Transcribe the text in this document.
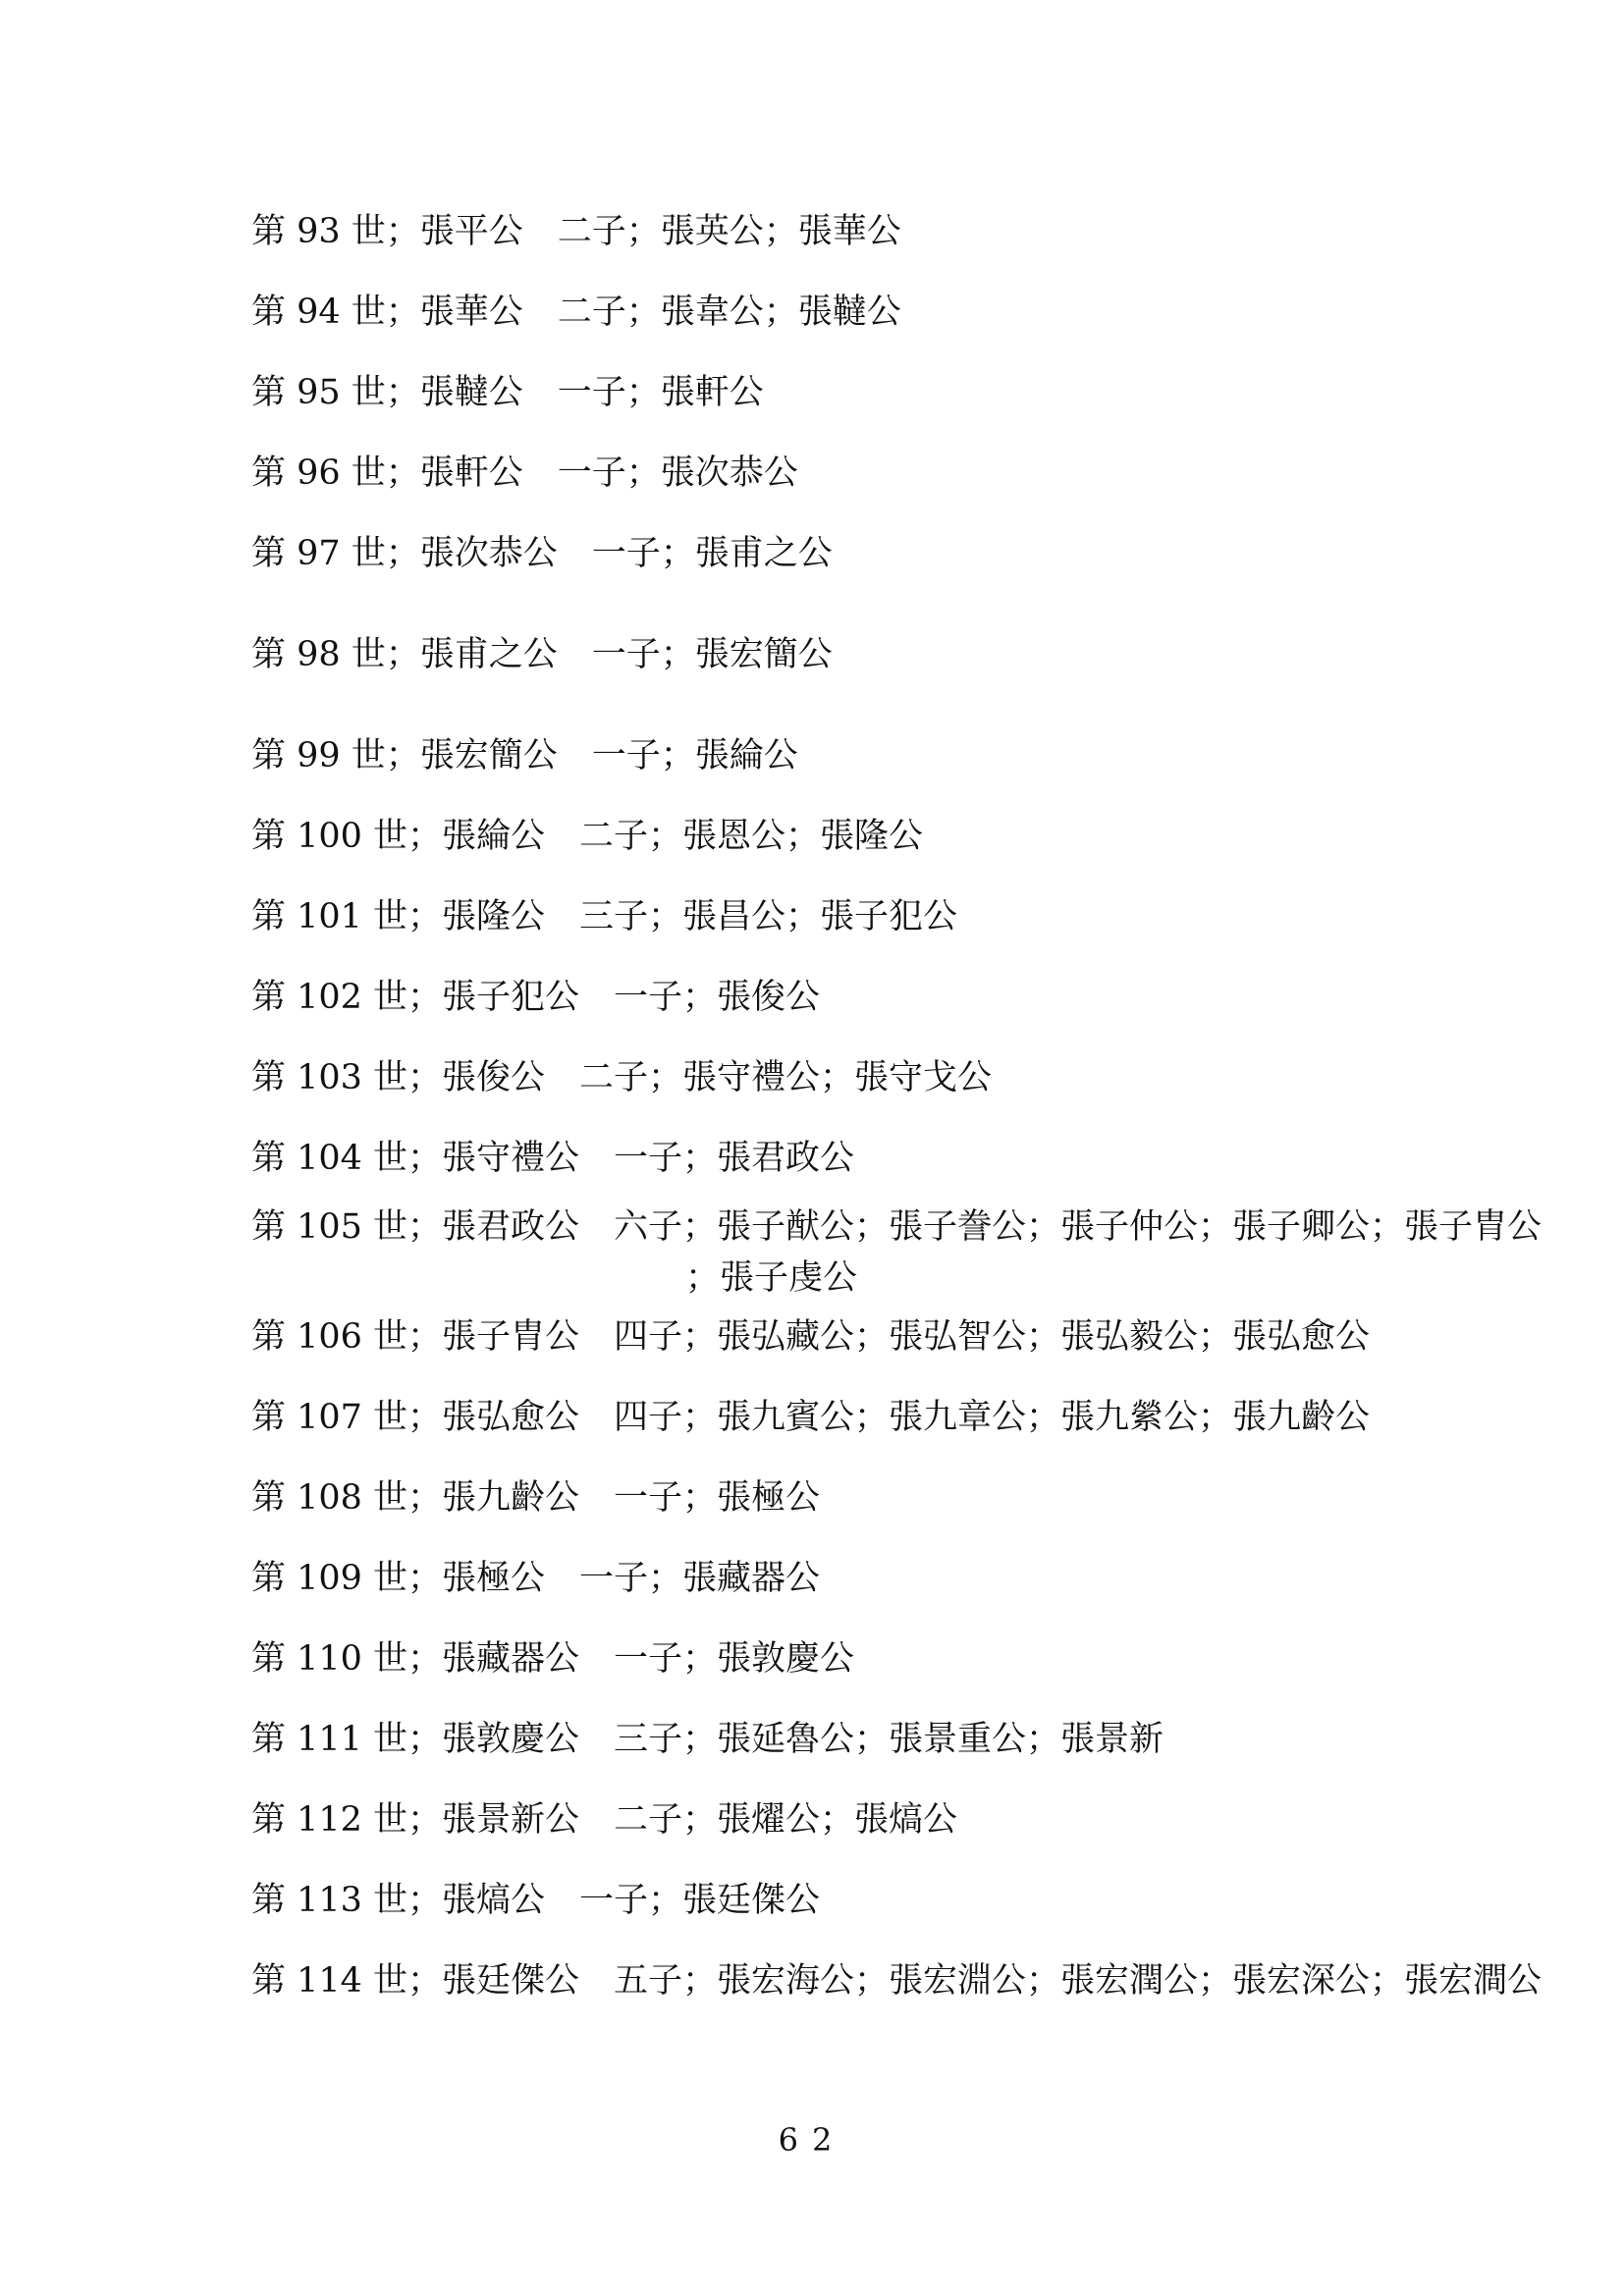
第 93 世；張平公　二子；張英公；張華公
第 94 世；張華公　二子；張韋公；張韃公
第 95 世；張韃公　一子；張軒公
第 96 世；張軒公　一子；張次恭公
第 97 世；張次恭公　一子；張甫之公
第 98 世；張甫之公　一子；張宏簡公
第 99 世；張宏簡公　一子；張綸公
第 100 世；張綸公　二子；張恩公；張隆公
第 101 世；張隆公　三子；張昌公；張子犯公
第 102 世；張子犯公　一子；張俊公
第 103 世；張俊公　二子；張守禮公；張守戈公
第 104 世；張守禮公　一子；張君政公
第 105 世；張君政公　六子；張子猷公；張子誊公；張子仲公；張子卿公；張子胄公
；張子虔公
第 106 世；張子胄公　四子；張弘藏公；張弘智公；張弘毅公；張弘愈公
第 107 世；張弘愈公　四子；張九賓公；張九章公；張九縈公；張九齡公
第 108 世；張九齡公　一子；張極公
第 109 世；張極公　一子；張藏器公
第 110 世；張藏器公　一子；張敦慶公
第 111 世；張敦慶公　三子；張延魯公；張景重公；張景新
第 112 世；張景新公　二子；張燿公；張熇公
第 113 世；張熇公　一子；張廷傑公
第 114 世；張廷傑公　五子；張宏海公；張宏淵公；張宏潤公；張宏深公；張宏澗公
62
